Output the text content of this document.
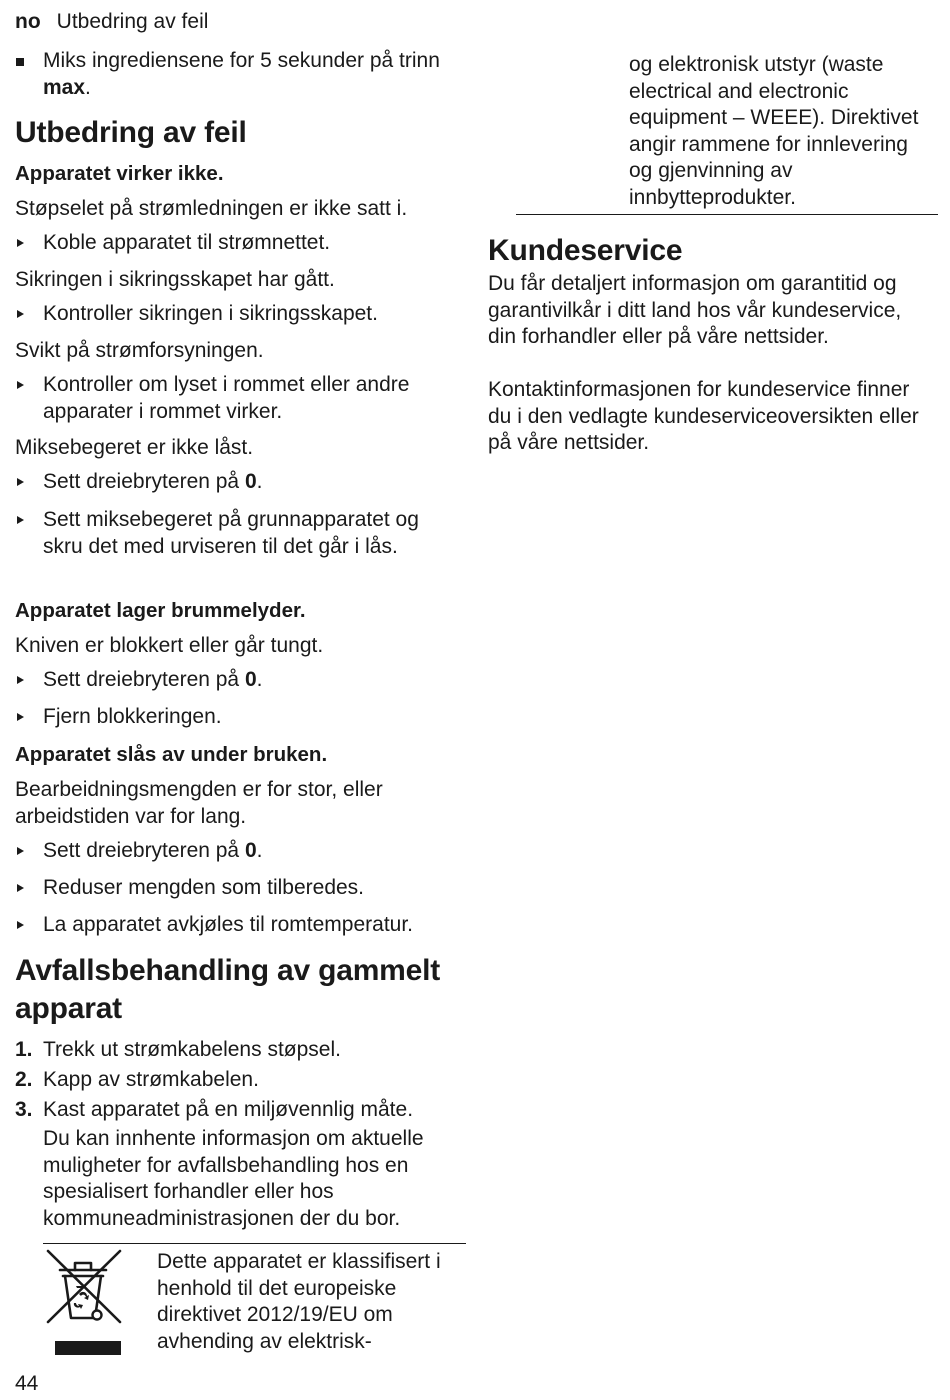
no Utbedring av feil
Miks ingrediensene for 5 sekunder på trinn max.
Utbedring av feil
Apparatet virker ikke.
Støpselet på strømledningen er ikke satt i.
Koble apparatet til strømnettet.
Sikringen i sikringsskapet har gått.
Kontroller sikringen i sikringsskapet.
Svikt på strømforsyningen.
Kontroller om lyset i rommet eller andre apparater i rommet virker.
Miksebegeret er ikke låst.
Sett dreiebryteren på 0.
Sett miksebegeret på grunnapparatet og skru det med urviseren til det går i lås.
Apparatet lager brummelyder.
Kniven er blokkert eller går tungt.
Sett dreiebryteren på 0.
Fjern blokkeringen.
Apparatet slås av under bruken.
Bearbeidningsmengden er for stor, eller arbeidstiden var for lang.
Sett dreiebryteren på 0.
Reduser mengden som tilberedes.
La apparatet avkjøles til romtemperatur.
Avfallsbehandling av gammelt apparat
1. Trekk ut strømkabelens støpsel.
2. Kapp av strømkabelen.
3. Kast apparatet på en miljøvennlig måte.
Du kan innhente informasjon om aktuelle muligheter for avfallsbehandling hos en spesialisert forhandler eller hos kommuneadministrasjonen der du bor.
Dette apparatet er klassifisert i henhold til det europeiske direktivet 2012/19/EU om avhending av elektrisk-
44
og elektronisk utstyr (waste electrical and electronic equipment – WEEE). Direktivet angir rammene for innlevering og gjenvinning av innbytteprodukter.
Kundeservice
Du får detaljert informasjon om garantitid og garantivilkår i ditt land hos vår kundeservice, din forhandler eller på våre nettsider.
Kontaktinformasjonen for kundeservice finner du i den vedlagte kundeserviceoversikten eller på våre nettsider.
